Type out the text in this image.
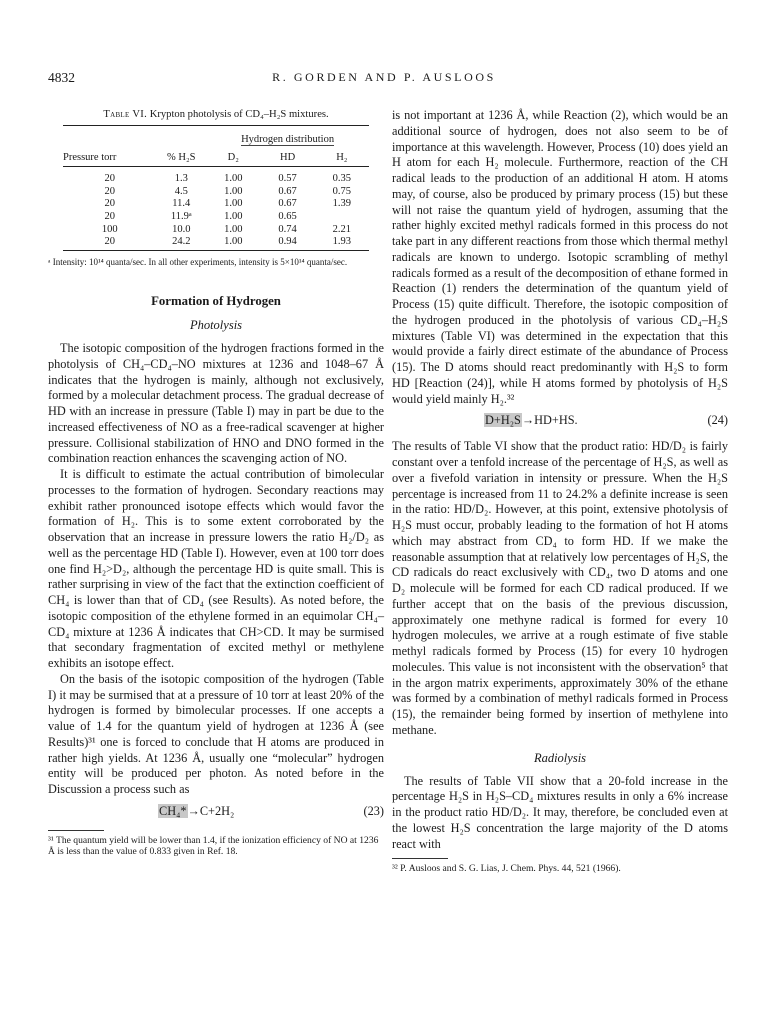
4832	R. GORDEN AND P. AUSLOOS

Table VI. Krypton photolysis of CD₄–H₂S mixtures.

		Hydrogen distribution		
Pressure torr	% H₂S	D₂	HD	H₂
20	1.3	1.00	0.57	0.35
20	4.5	1.00	0.67	0.75
20	11.4	1.00	0.67	1.39
20	11.9ᵃ	1.00	0.65	
100	10.0	1.00	0.74	2.21
20	24.2	1.00	0.94	1.93

ᵃ Intensity: 10¹⁴ quanta/sec. In all other experiments, intensity is 5×10¹⁴ quanta/sec.

Formation of Hydrogen
Photolysis

The isotopic composition of the hydrogen fractions formed in the photolysis of CH₄–CD₄–NO mixtures at 1236 and 1048–67 Å indicates that the hydrogen is mainly, although not exclusively, formed by a molecular detachment process. The gradual decrease of HD with an increase in pressure (Table I) may in part be due to the increased effectiveness of NO as a free-radical scavenger at higher pressure. Collisional stabilization of HNO and DNO formed in the combination reaction enhances the scavenging action of NO.

It is difficult to estimate the actual contribution of bimolecular processes to the formation of hydrogen. Secondary reactions may exhibit rather pronounced isotope effects which would favor the formation of H₂. This is to some extent corroborated by the observation that an increase in pressure lowers the ratio H₂/D₂ as well as the percentage HD (Table I). However, even at 100 torr does one find H₂>D₂, although the percentage HD is quite small. This is rather surprising in view of the fact that the extinction coefficient of CH₄ is lower than that of CD₄ (see Results). As noted before, the isotopic composition of the ethylene formed in an equimolar CH₄–CD₄ mixture at 1236 Å indicates that CH>CD. It may be surmised that secondary fragmentation of excited methyl or methylene exhibits an isotope effect.

On the basis of the isotopic composition of the hydrogen (Table I) it may be surmised that at a pressure of 10 torr at least 20% of the hydrogen is formed by bimolecular processes. If one accepts a value of 1.4 for the quantum yield of hydrogen at 1236 Å (see Results)³¹ one is forced to conclude that H atoms are produced in rather high yields. At 1236 Å, usually one “molecular” hydrogen entity will be produced per photon. As noted before in the Discussion a process such as

CH₄*→C+2H₂	(23)

³¹ The quantum yield will be lower than 1.4, if the ionization efficiency of NO at 1236 Å is less than the value of 0.833 given in Ref. 18.

is not important at 1236 Å, while Reaction (2), which would be an additional source of hydrogen, does not also seem to be of importance at this wavelength. However, Process (10) does yield an H atom for each H₂ molecule. Furthermore, reaction of the CH radical leads to the production of an additional H atom. H atoms may, of course, also be produced by primary process (15) but these will not raise the quantum yield of hydrogen, assuming that the rather highly excited methyl radicals formed in this process do not take part in any different reactions from those which thermal methyl radicals are known to undergo. Isotopic scrambling of methyl radicals formed as a result of the decomposition of ethane formed in Reaction (1) renders the determination of the quantum yield of Process (15) quite difficult. Therefore, the isotopic composition of the hydrogen produced in the photolysis of various CD₄–H₂S mixtures (Table VI) was determined in the expectation that this would provide a fairly direct estimate of the abundance of Process (15). The D atoms should react predominantly with H₂S to form HD [Reaction (24)], while H atoms formed by photolysis of H₂S would yield mainly H₂.³²

D+H₂S→HD+HS.	(24)

The results of Table VI show that the product ratio: HD/D₂ is fairly constant over a tenfold increase of the percentage of H₂S, as well as over a fivefold variation in intensity or pressure. When the H₂S percentage is increased from 11 to 24.2% a definite increase is seen in the ratio: HD/D₂. However, at this point, extensive photolysis of H₂S must occur, probably leading to the formation of hot H atoms which may abstract from CD₄ to form HD. If we make the reasonable assumption that at relatively low percentages of H₂S, the CD radicals do react exclusively with CD₄, two D atoms and one D₂ molecule will be formed for each CD radical produced. If we further accept that on the basis of the previous discussion, approximately one methyne radical is formed for every 10 hydrogen molecules, we arrive at a rough estimate of five stable methyl radicals formed by Process (15) for every 10 hydrogen molecules. This value is not inconsistent with the observation⁵ that in the argon matrix experiments, approximately 30% of the ethane was formed by a combination of methyl radicals formed in Process (15), the remainder being formed by insertion of methylene into methane.

Radiolysis

The results of Table VII show that a 20-fold increase in the percentage H₂S in H₂S–CD₄ mixtures results in only a 6% increase in the product ratio HD/D₂. It may, therefore, be concluded even at the lowest H₂S concentration the large majority of the D atoms react with

³² P. Ausloos and S. G. Lias, J. Chem. Phys. 44, 521 (1966).
